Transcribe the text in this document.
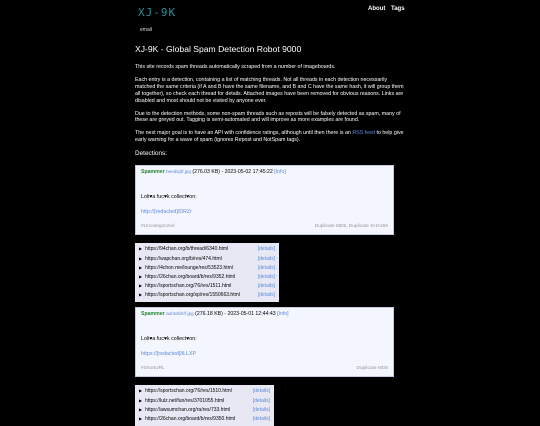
XJ-9K
email
About Tags
XJ-9K - Global Spam Detection Robot 9000

This site records spam threads automatically scraped from a number of imageboards.

Each entry is a detection, containing a list of matching threads. Not all threads in each detection necessarily matched the same criteria (if A and B have the same filename, and B and C have the same hash, it will group them all together), so check each thread for details. Attached images have been removed for obvious reasons. Links are disabled and most should not be visited by anyone ever.

Due to the detection methods, some non-spam threads such as reposts will be falsely detected as spam, many of these are greyed out. Tagging is semi-automated and will improve as more examples are found.

The next major goal is to have an API with confidence ratings, although until then there is an RSS feed to help give early warning for a wave of spam (ignores Repost and NotSpam tags).

Detections:
Spammer beedkjdf.jpg (276.03 KB) - 2023-05-02 17:45:22 [Info]
Loli♥a fuc♥k collect♥on:
http://[redacted]/DRZr
#Uncategorized	Duplicate MD5, Duplicate SHA256
▶ https://94chan.org/b/thread/6340.html	[details]
▶ https://wapchan.org/b/res/474.html	[details]
▶ https://4chon.me/lounge/res/53523.html	[details]
▶ https://26chan.org/board/b/res/9352.html	[details]
▶ https://sportschan.org/76/res/1511.html	[details]
▶ https://sportschan.org/sp/res/1550663.html	[details]
Spammer auhssbhrf.jpg (276.18 KB) - 2023-05-01 12:44:43 [Info]
Loli♥a fuc♥k collect♥on:
https://[redacted]/iLLXP
#ShortURL	Duplicate MD5
▶ https://sportschan.org/76/res/1510.html	[details]
▶ https://lulz.net/fun/res/3701055.html	[details]
▶ https://awsumchan.org/ra/res/733.html	[details]
▶ https://26chan.org/board/b/res/9350.html	[details]
